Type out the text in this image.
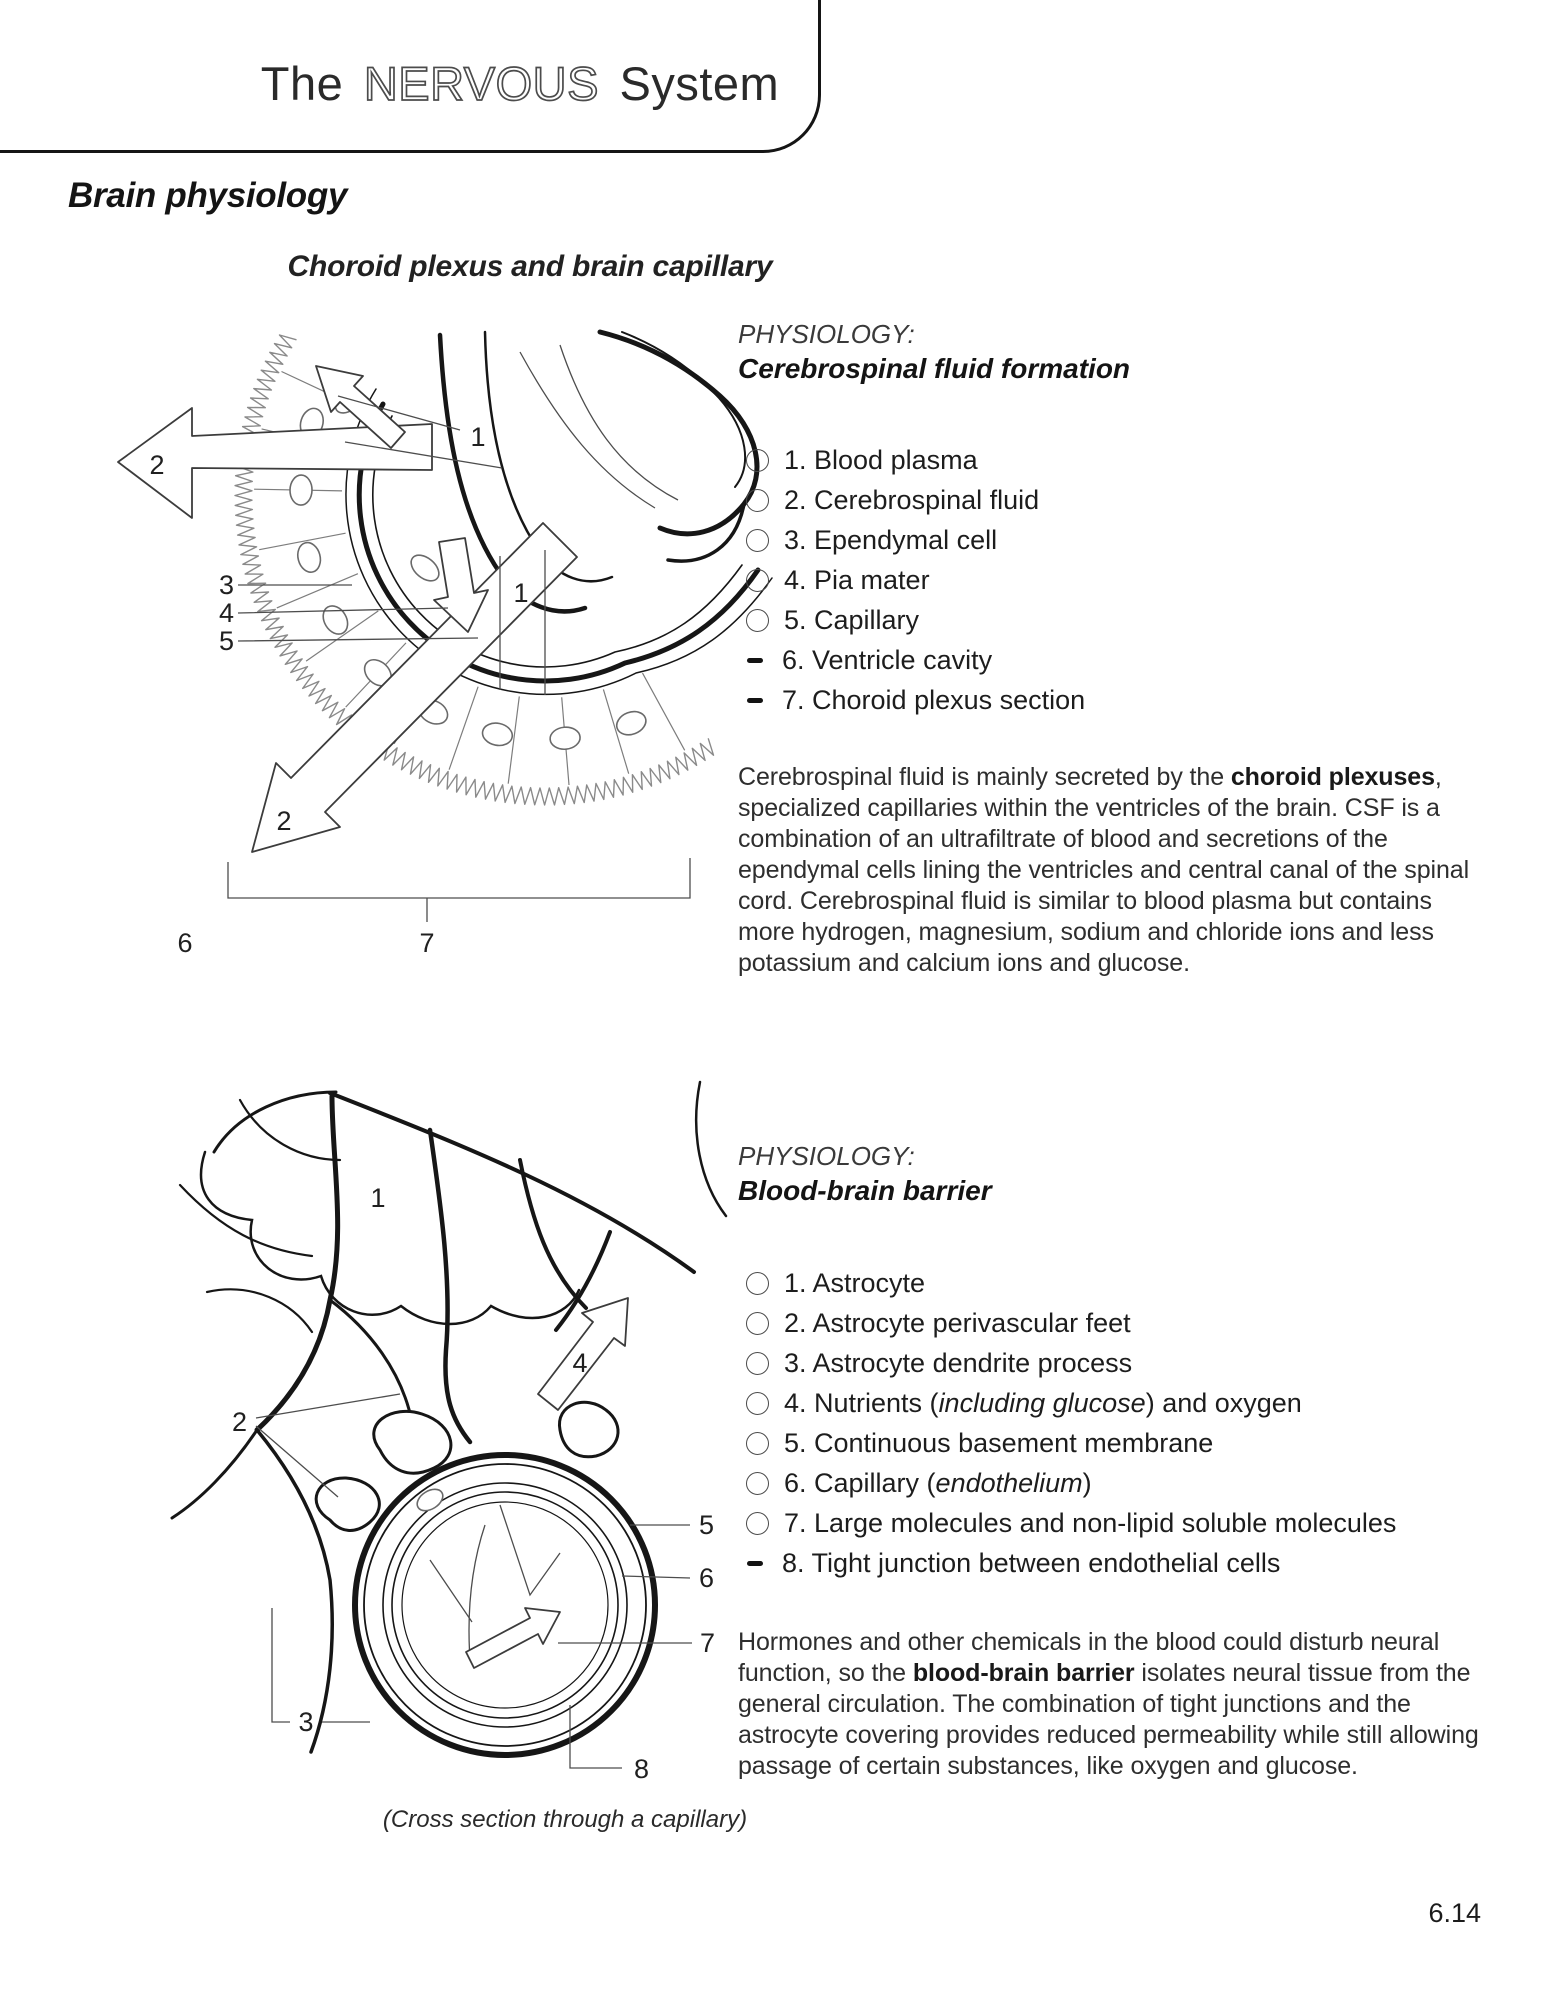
The NERVOUS System
Brain physiology
Choroid plexus and brain capillary
1
1
2
2
3
4
5
6	7
PHYSIOLOGY:
Cerebrospinal fluid formation
1. Blood plasma
2. Cerebrospinal fluid
3. Ependymal cell
4. Pia mater
5. Capillary
6. Ventricle cavity
7. Choroid plexus section
Cerebrospinal fluid is mainly secreted by the choroid plexuses, specialized capillaries within the ventricles of the brain. CSF is a combination of an ultrafiltrate of blood and secretions of the ependymal cells lining the ventricles and central canal of the spinal cord. Cerebrospinal fluid is similar to blood plasma but contains more hydrogen, magnesium, sodium and chloride ions and less potassium and calcium ions and glucose.
1
2
3
4
5
6
7
8
PHYSIOLOGY:
Blood-brain barrier
1. Astrocyte
2. Astrocyte perivascular feet
3. Astrocyte dendrite process
4. Nutrients (including glucose) and oxygen
5. Continuous basement membrane
6. Capillary (endothelium)
7. Large molecules and non-lipid soluble molecules
8. Tight junction between endothelial cells
Hormones and other chemicals in the blood could disturb neural function, so the blood-brain barrier isolates neural tissue from the general circulation. The combination of tight junctions and the astrocyte covering provides reduced permeability while still allowing passage of certain substances, like oxygen and glucose.
(Cross section through a capillary)
6.14
